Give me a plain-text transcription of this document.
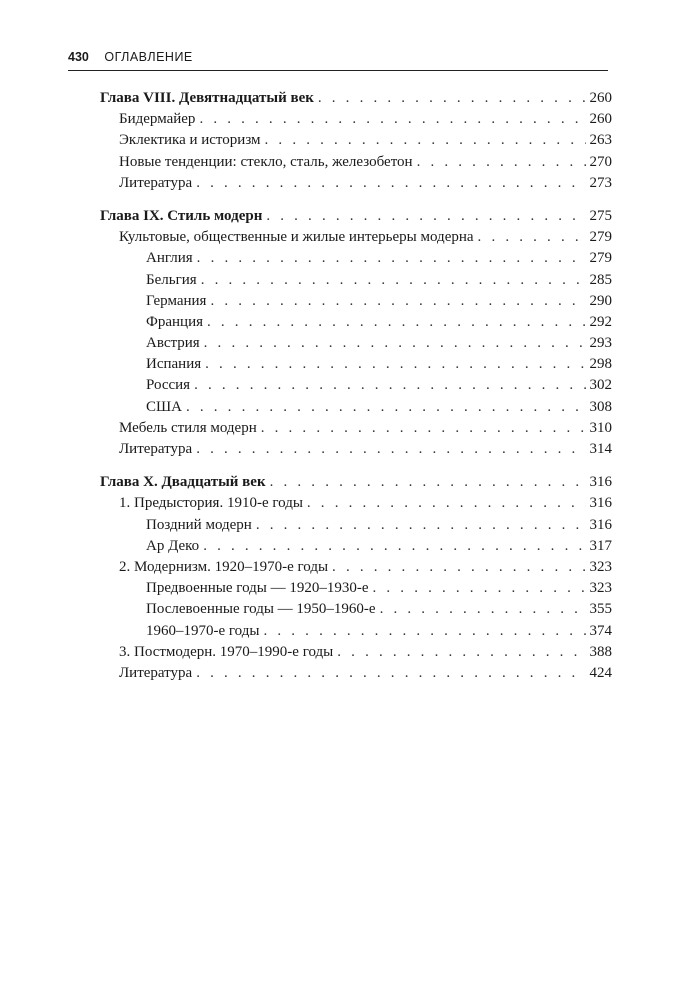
430 ОГЛАВЛЕНИЕ
Глава VIII. Девятнадцатый век . . .	260
Бидермайер . . .	260
Эклектика и историзм . . .	263
Новые тенденции: стекло, сталь, железобетон . . .	270
Литература . . .	273
Глава IX. Стиль модерн . . .	275
Культовые, общественные и жилые интерьеры модерна . . .	279
Англия . . .	279
Бельгия . . .	285
Германия . . .	290
Франция . . .	292
Австрия . . .	293
Испания . . .	298
Россия . . .	302
США . . .	308
Мебель стиля модерн . . .	310
Литература . . .	314
Глава X. Двадцатый век . . .	316
1. Предыстория. 1910-е годы . . .	316
Поздний модерн . . .	316
Ар Деко . . .	317
2. Модернизм. 1920–1970-е годы . . .	323
Предвоенные годы — 1920–1930-е . . .	323
Послевоенные годы — 1950–1960-е . . .	355
1960–1970-е годы . . .	374
3. Постмодерн. 1970–1990-е годы . . .	388
Литература . . .	424
